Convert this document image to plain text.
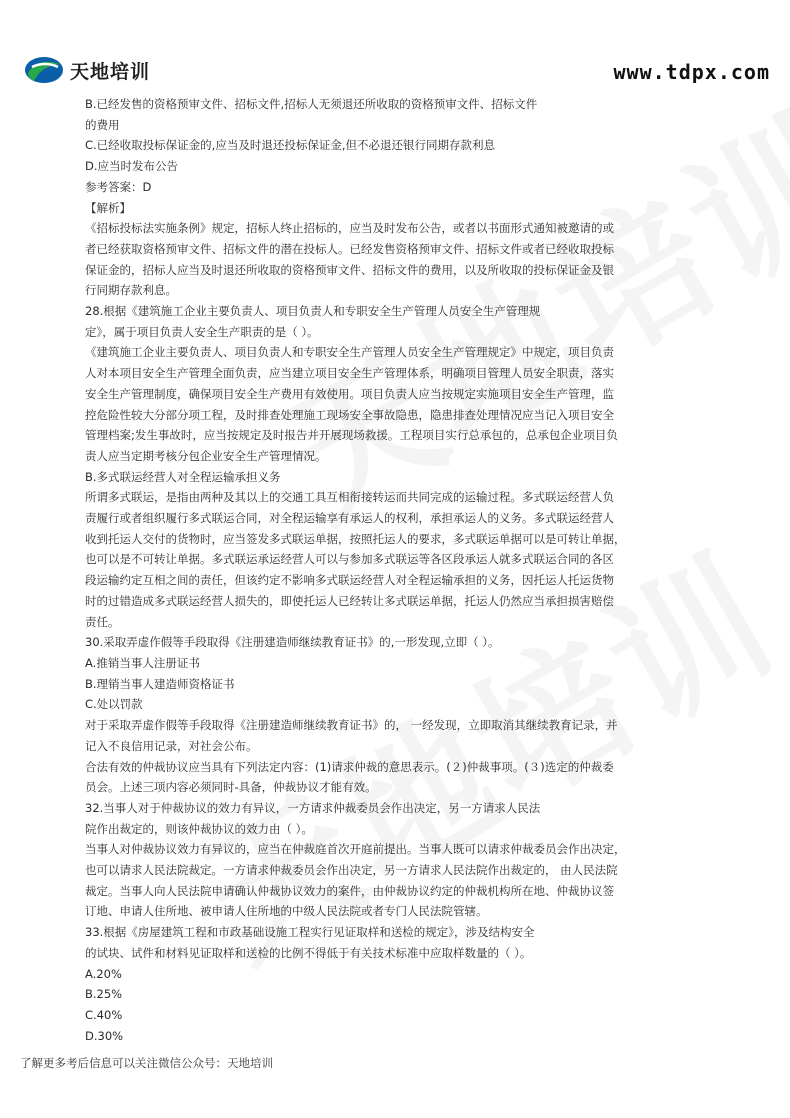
天地培训	www.tdpx.com
B.已经发售的资格预审文件、招标文件,招标人无须退还所收取的资格预审文件、招标文件
的费用
C.已经收取投标保证金的,应当及时退还投标保证金,但不必退还银行同期存款利息
D.应当时发布公告
参考答案：D
【解析】
《招标投标法实施条例》规定，招标人终止招标的，应当及时发布公告，或者以书面形式通知被邀请的或
者已经获取资格预审文件、招标文件的潜在投标人。已经发售资格预审文件、招标文件或者已经收取投标
保证金的，招标人应当及时退还所收取的资格预审文件、招标文件的费用，以及所收取的投标保证金及银
行同期存款利息。
28.根据《建筑施工企业主要负责人、项目负责人和专职安全生产管理人员安全生产管理规
定》，属于项目负责人安全生产职责的是（ ）。
《建筑施工企业主要负责人、项目负责人和专职安全生产管理人员安全生产管理规定》中规定，项目负责
人对本项目安全生产管理全面负责，应当建立项目安全生产管理体系，明确项目管理人员安全职责，落实
安全生产管理制度，确保项目安全生产费用有效使用。项目负责人应当按规定实施项目安全生产管理，监
控危险性较大分部分项工程，及时排查处理施工现场安全事故隐患，隐患排查处理情况应当记入项目安全
管理档案;发生事故时，应当按规定及时报告并开展现场救援。工程项目实行总承包的，总承包企业项目负
责人应当定期考核分包企业安全生产管理情况。
B.多式联运经营人对全程运输承担义务
所谓多式联运，是指由两种及其以上的交通工具互相衔接转运而共同完成的运输过程。多式联运经营人负
责履行或者组织履行多式联运合同，对全程运输享有承运人的权利，承担承运人的义务。多式联运经营人
收到托运人交付的货物时，应当签发多式联运单据，按照托运人的要求，多式联运单据可以是可转让单据，
也可以是不可转让单据。多式联运承运经营人可以与参加多式联运等各区段承运人就多式联运合同的各区
段运输约定互相之间的责任，但该约定不影响多式联运经营人对全程运输承担的义务，因托运人托运货物
时的过错造成多式联运经营人损失的，即使托运人已经转让多式联运单据，托运人仍然应当承担损害赔偿
责任。
30.采取弄虚作假等手段取得《注册建造师继续教育证书》的,一形发现,立即（ ）。
A.推销当事人注册证书
B.理销当事人建造师资格证书
C.处以罚款
对于采取弄虚作假等手段取得《注册建造师继续教育证书》的， 一经发现，立即取消其继续教育记录，并
记入不良信用记录，对社会公布。
合法有效的仲裁协议应当具有下列法定内容：(1)请求仲裁的意思表示。(２)仲裁事项。(３)选定的仲裁委
员会。上述三项内容必须同时-具备，仲裁协议才能有效。
32.当事人对于仲裁协议的效力有异议，一方请求仲裁委员会作出决定，另一方请求人民法
院作出裁定的，则该仲裁协议的效力由（ ）。
当事人对仲裁协议效力有异议的，应当在仲裁庭首次开庭前提出。当事人既可以请求仲裁委员会作出决定，
也可以请求人民法院裁定。一方请求仲裁委员会作出决定，另一方请求人民法院作出裁定的， 由人民法院
裁定。当事人向人民法院申请确认仲裁协议效力的案件，由仲裁协议约定的仲裁机构所在地、仲裁协议签
订地、申请人住所地、被申请人住所地的中级人民法院或者专门人民法院管辖。
33.根据《房屋建筑工程和市政基础设施工程实行见证取样和送检的规定》，涉及结构安全
的试块、试件和材料见证取样和送检的比例不得低于有关技术标准中应取样数量的（ ）。
A.20%
B.25%
C.40%
D.30%
了解更多考后信息可以关注微信公众号：天地培训
